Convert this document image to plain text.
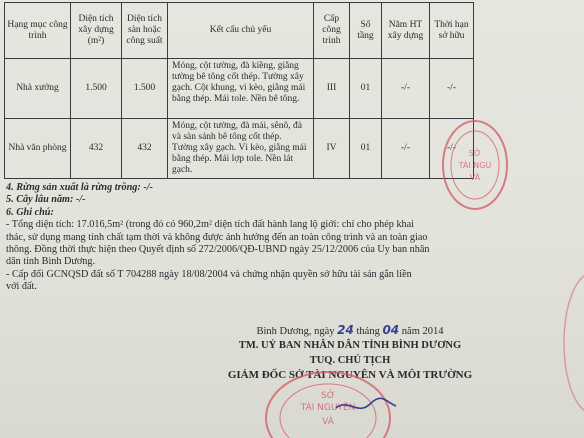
Hạng mục công trình	Diện tích xây dựng (m²)	Diện tích sàn hoặc công suất	Kết cấu chủ yếu	Cấp công trình	Số tầng	Năm HT xây dựng	Thời hạn sở hữu
Nhà xưởng	1.500	1.500	Móng, cột tường, đà kiềng, giằng tường bê tông cốt thép. Tường xây gạch. Cột khung, vì kèo, giằng mái bằng thép. Mái tole. Nền bê tông.	III	01	-/-	-/-
Nhà văn phòng	432	432	Móng, cột tường, đà mái, sênô, đà và sàn sảnh bê tông cốt thép. Tường xây gạch. Vì kèo, giằng mái bằng thép. Mái lợp tole. Nền lát gạch.	IV	01	-/-	-/-

4. Rừng sản xuất là rừng trồng: -/-

5. Cây lâu năm: -/-

6. Ghi chú:

- Tổng diện tích: 17.016,5m² (trong đó có 960,2m² diện tích đất hành lang lộ giới: chỉ cho phép khai

thác, sử dụng mang tính chất tạm thời và không được ảnh hưởng đến an toàn công trình và an toàn giao

thông. Đồng thời thực hiện theo Quyết định số 272/2006/QĐ-UBND ngày 25/12/2006 của Ủy ban nhân

dân tỉnh Bình Dương.

- Cấp đổi GCNQSD đất số T 704288 ngày 18/08/2004 và chứng nhận quyền sở hữu tài sản gắn liền

với đất.

Bình Dương, ngày 24 tháng 04 năm 2014
TM. UỶ BAN NHÂN DÂN TỈNH BÌNH DƯƠNG
TUQ. CHỦ TỊCH
GIÁM ĐỐC SỞ TÀI NGUYÊN VÀ MÔI TRƯỜNG
SỞ
TÀI NGU
VÀ
SỞ
TÀI NGUYÊN
VÀ
